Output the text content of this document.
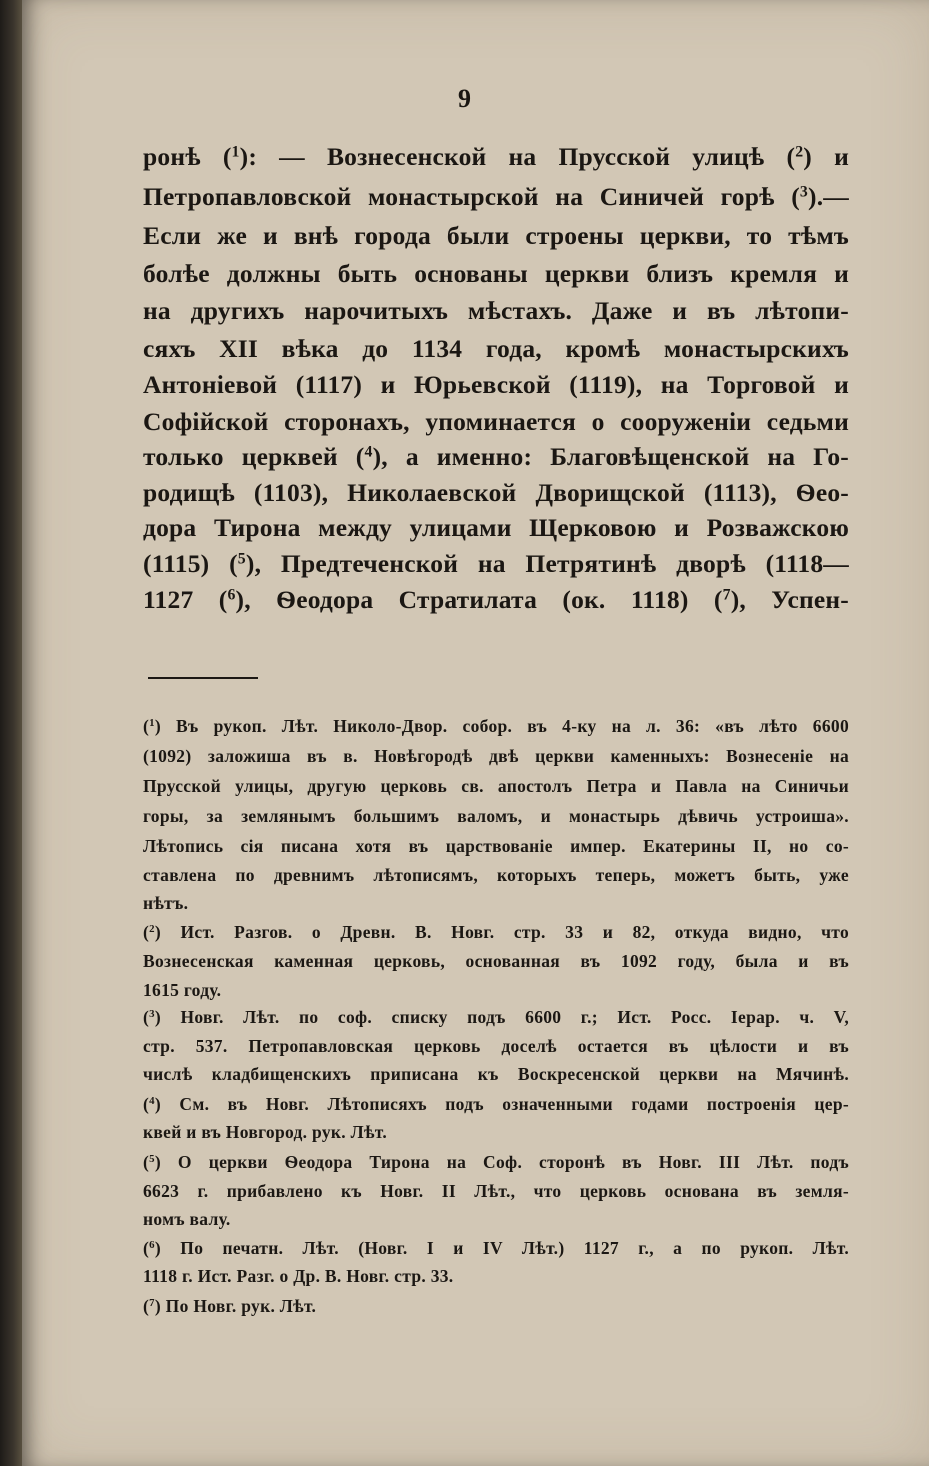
9
ронѣ ($^1$): — Вознесенской на Прусской улицѣ ($^2$) и
Петропавловской монастырской на Синичей горѣ ($^3$).—
Если же и внѣ города были строены церкви, то тѣмъ
болѣе должны быть основаны церкви близъ кремля и
на другихъ нарочитыхъ мѣстахъ. Даже и въ лѣтопи-
сяхъ XII вѣка до 1134 года, кромѣ монастырскихъ
Антоніевой (1117) и Юрьевской (1119), на Торговой и
Софійской сторонахъ, упоминается о сооруженіи седьми
только церквей ($^4$), а именно: Благовѣщенской на Го-
родищѣ (1103), Николаевской Дворищской (1113), Ѳео-
дора Тирона между улицами Щерковою и Розважскою
(1115) ($^5$), Предтеченской на Петрятинѣ дворѣ (1118—
1127 ($^6$), Ѳеодора Стратилата (ок. 1118) ($^7$), Успен-
($^1$) Въ рукоп. Лѣт. Николо-Двор. собор. въ 4-ку на л. 36: «въ лѣто 6600
(1092) заложиша въ в. Новѣгородѣ двѣ церкви каменныхъ: Вознесеніе на
Прусской улицы, другую церковь св. апостолъ Петра и Павла на Синичьи
горы, за землянымъ большимъ валомъ, и монастырь дѣвичь устроиша».
Лѣтопись сія писана хотя въ царствованіе импер. Екатерины II, но со-
ставлена по древнимъ лѣтописямъ, которыхъ теперь, можетъ быть, уже
нѣтъ.
($^2$) Ист. Разгов. о Древн. В. Новг. стр. 33 и 82, откуда видно, что
Вознесенская каменная церковь, основанная въ 1092 году, была и въ
1615 году.
($^3$) Новг. Лѣт. по соф. списку подъ 6600 г.; Ист. Росс. Іерар. ч. V,
стр. 537. Петропавловская церковь доселѣ остается въ цѣлости и въ
числѣ кладбищенскихъ приписана къ Воскресенской церкви на Мячинѣ.
($^4$) См. въ Новг. Лѣтописяхъ подъ означенными годами построенія цер-
квей и въ Новгород. рук. Лѣт.
($^5$) О церкви Ѳеодора Тирона на Соф. сторонѣ въ Новг. III Лѣт. подъ
6623 г. прибавлено къ Новг. II Лѣт., что церковь основана въ земля-
номъ валу.
($^6$) По печатн. Лѣт. (Новг. I и IV Лѣт.) 1127 г., а по рукоп. Лѣт.
1118 г. Ист. Разг. о Др. В. Новг. стр. 33.
($^7$) По Новг. рук. Лѣт.
